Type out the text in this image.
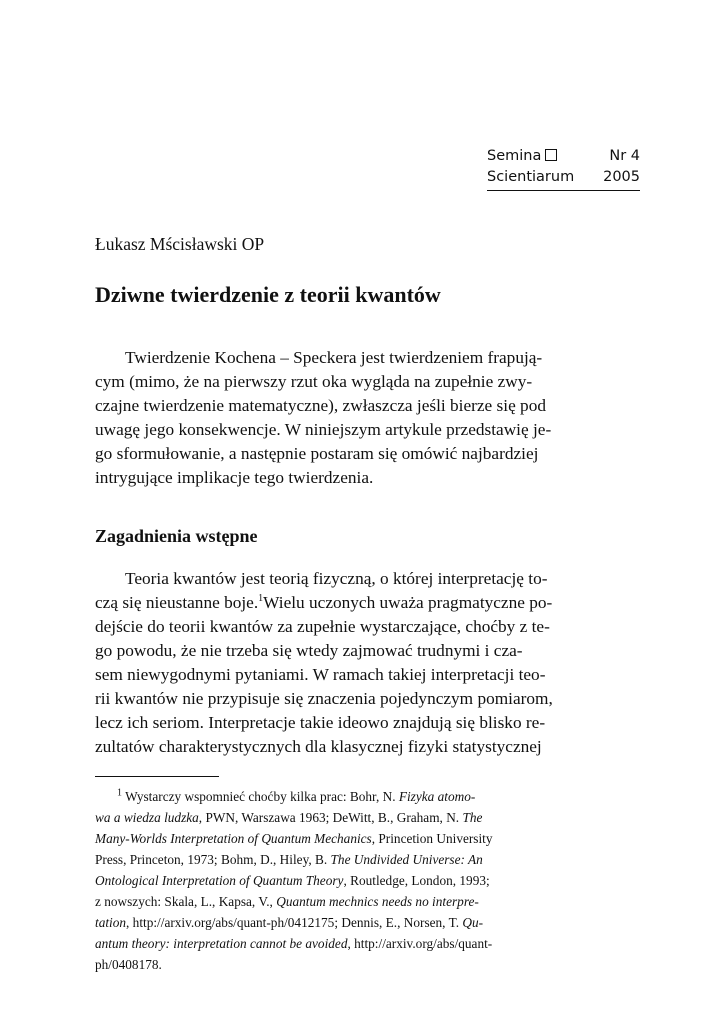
Semina	Nr 4
Scientiarum 2005
Łukasz Mścisławski OP
Dziwne twierdzenie z teorii kwantów
Twierdzenie Kochena – Speckera jest twierdzeniem frapują-
cym (mimo, że na pierwszy rzut oka wygląda na zupełnie zwy-
czajne twierdzenie matematyczne), zwłaszcza jeśli bierze się pod
uwagę jego konsekwencje. W niniejszym artykule przedstawię je-
go sformułowanie, a następnie postaram się omówić najbardziej
intrygujące implikacje tego twierdzenia.
Zagadnienia wstępne
Teoria kwantów jest teorią fizyczną, o której interpretację to-
czą się nieustanne boje.$^1$Wielu uczonych uważa pragmatyczne po-
dejście do teorii kwantów za zupełnie wystarczające, choćby z te-
go powodu, że nie trzeba się wtedy zajmować trudnymi i cza-
sem niewygodnymi pytaniami. W ramach takiej interpretacji teo-
rii kwantów nie przypisuje się znaczenia pojedynczym pomiarom,
lecz ich seriom. Interpretacje takie ideowo znajdują się blisko re-
zultatów charakterystycznych dla klasycznej fizyki statystycznej
$^1$ Wystarczy wspomnieć choćby kilka prac: Bohr, N. Fizyka atomo-
wa a wiedza ludzka, PWN, Warszawa 1963; DeWitt, B., Graham, N. The
Many-Worlds Interpretation of Quantum Mechanics, Princetion University
Press, Princeton, 1973; Bohm, D., Hiley, B. The Undivided Universe: An
Ontological Interpretation of Quantum Theory, Routledge, London, 1993;
z nowszych: Skala, L., Kapsa, V., Quantum mechnics needs no interpre-
tation, http://arxiv.org/abs/quant-ph/0412175; Dennis, E., Norsen, T. Qu-
antum theory: interpretation cannot be avoided, http://arxiv.org/abs/quant-
ph/0408178.
